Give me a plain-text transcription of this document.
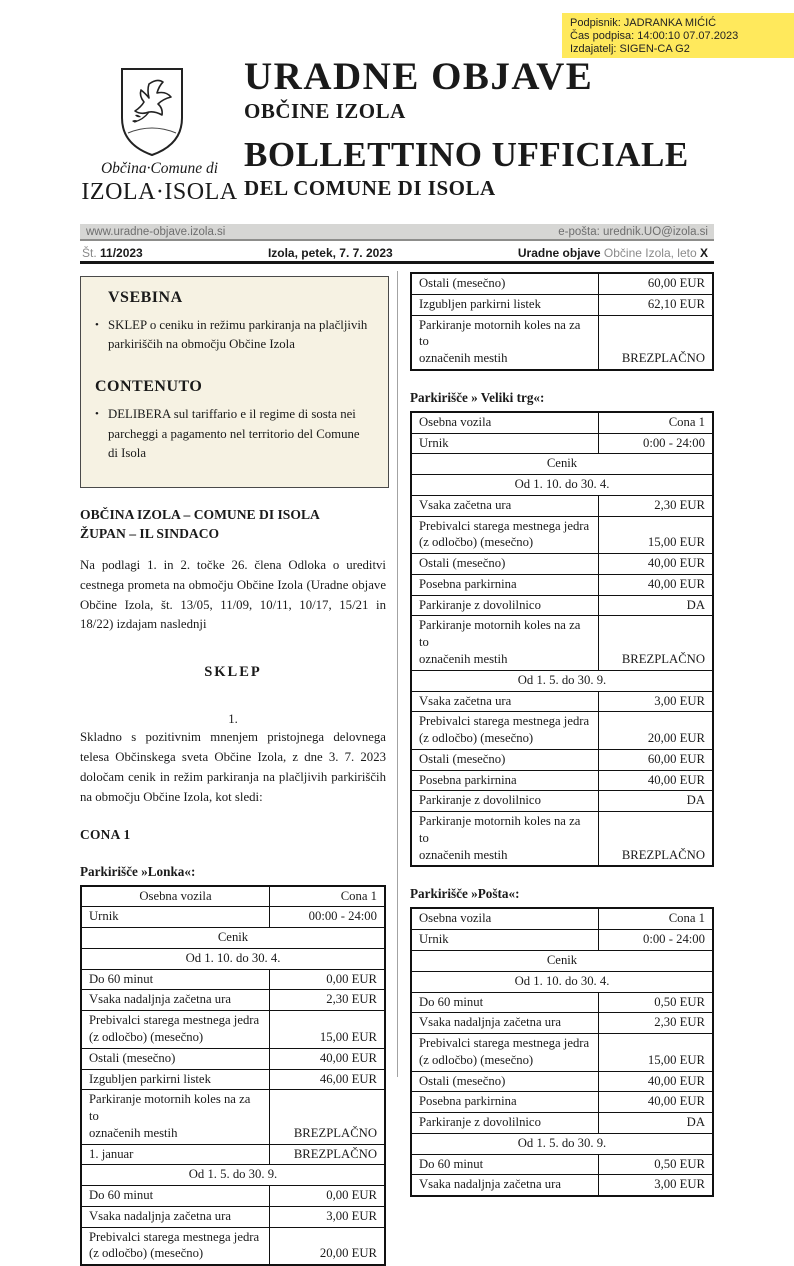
Podpisnik: JADRANKA MIĆIĆ
Čas podpisa: 14:00:10 07.07.2023
Izdajatelj: SIGEN-CA G2
Občina·Comune di
IZOLA·ISOLA
URADNE OBJAVE
OBČINE IZOLA
BOLLETTINO UFFICIALE
DEL COMUNE DI ISOLA
www.uradne-objave.izola.si	e-pošta: urednik.UO@izola.si
Št. 11/2023	Izola, petek, 7. 7. 2023	Uradne objave Občine Izola, leto X
VSEBINA
• SKLEP o ceniku in režimu parkiranja na plačljivih parkiriščih na območju Občine Izola
CONTENUTO
• DELIBERA sul tariffario e il regime di sosta nei parcheggi a pagamento nel territorio del Comune di Isola
OBČINA IZOLA – COMUNE DI ISOLA
ŽUPAN – IL SINDACO

Na podlagi 1. in 2. točke 26. člena Odloka o ureditvi cestnega prometa na območju Občine Izola (Uradne objave Občine Izola, št. 13/05, 11/09, 10/11, 10/17, 15/21 in 18/22) izdajam naslednji

SKLEP
1.

Skladno s pozitivnim mnenjem pristojnega delovnega telesa Občinskega sveta Občine Izola, z dne 3. 7. 2023 določam cenik in režim parkiranja na plačljivih parkiriščih na območju Občine Izola, kot sledi:

CONA 1
Parkirišče »Lonka«:
Osebna vozila	Cona 1
Urnik	00:00 - 24:00
Cenik	
Od 1. 10. do 30. 4.	
Do 60 minut	0,00 EUR
Vsaka nadaljnja začetna ura	2,30 EUR
Prebivalci starega mestnega jedra
(z odločbo) (mesečno)	15,00 EUR
Ostali (mesečno)	40,00 EUR
Izgubljen parkirni listek	46,00 EUR
Parkiranje motornih koles na za to
označenih mestih	BREZPLAČNO
1. januar	BREZPLAČNO
Od 1. 5. do 30. 9.	
Do 60 minut	0,00 EUR
Vsaka nadaljnja začetna ura	3,00 EUR
Prebivalci starega mestnega jedra
(z odločbo) (mesečno)	20,00 EUR
Ostali (mesečno)	60,00 EUR
Izgubljen parkirni listek	62,10 EUR
Parkiranje motornih koles na za to
označenih mestih	BREZPLAČNO
Parkirišče » Veliki trg«:
Osebna vozila	Cona 1
Urnik	0:00 - 24:00
Cenik	
Od 1. 10. do 30. 4.	
Vsaka začetna ura	2,30 EUR
Prebivalci starega mestnega jedra
(z odločbo) (mesečno)	15,00 EUR
Ostali (mesečno)	40,00 EUR
Posebna parkirnina	40,00 EUR
Parkiranje z dovolilnico	DA
Parkiranje motornih koles na za to
označenih mestih	BREZPLAČNO
Od 1. 5. do 30. 9.	
Vsaka začetna ura	3,00 EUR
Prebivalci starega mestnega jedra
(z odločbo) (mesečno)	20,00 EUR
Ostali (mesečno)	60,00 EUR
Posebna parkirnina	40,00 EUR
Parkiranje z dovolilnico	DA
Parkiranje motornih koles na za to
označenih mestih	BREZPLAČNO
Parkirišče »Pošta«:
Osebna vozila	Cona 1
Urnik	0:00 - 24:00
Cenik	
Od 1. 10. do 30. 4.	
Do 60 minut	0,50 EUR
Vsaka nadaljnja začetna ura	2,30 EUR
Prebivalci starega mestnega jedra
(z odločbo) (mesečno)	15,00 EUR
Ostali (mesečno)	40,00 EUR
Posebna parkirnina	40,00 EUR
Parkiranje z dovolilnico	DA
Od 1. 5. do 30. 9.	
Do 60 minut	0,50 EUR
Vsaka nadaljnja začetna ura	3,00 EUR
